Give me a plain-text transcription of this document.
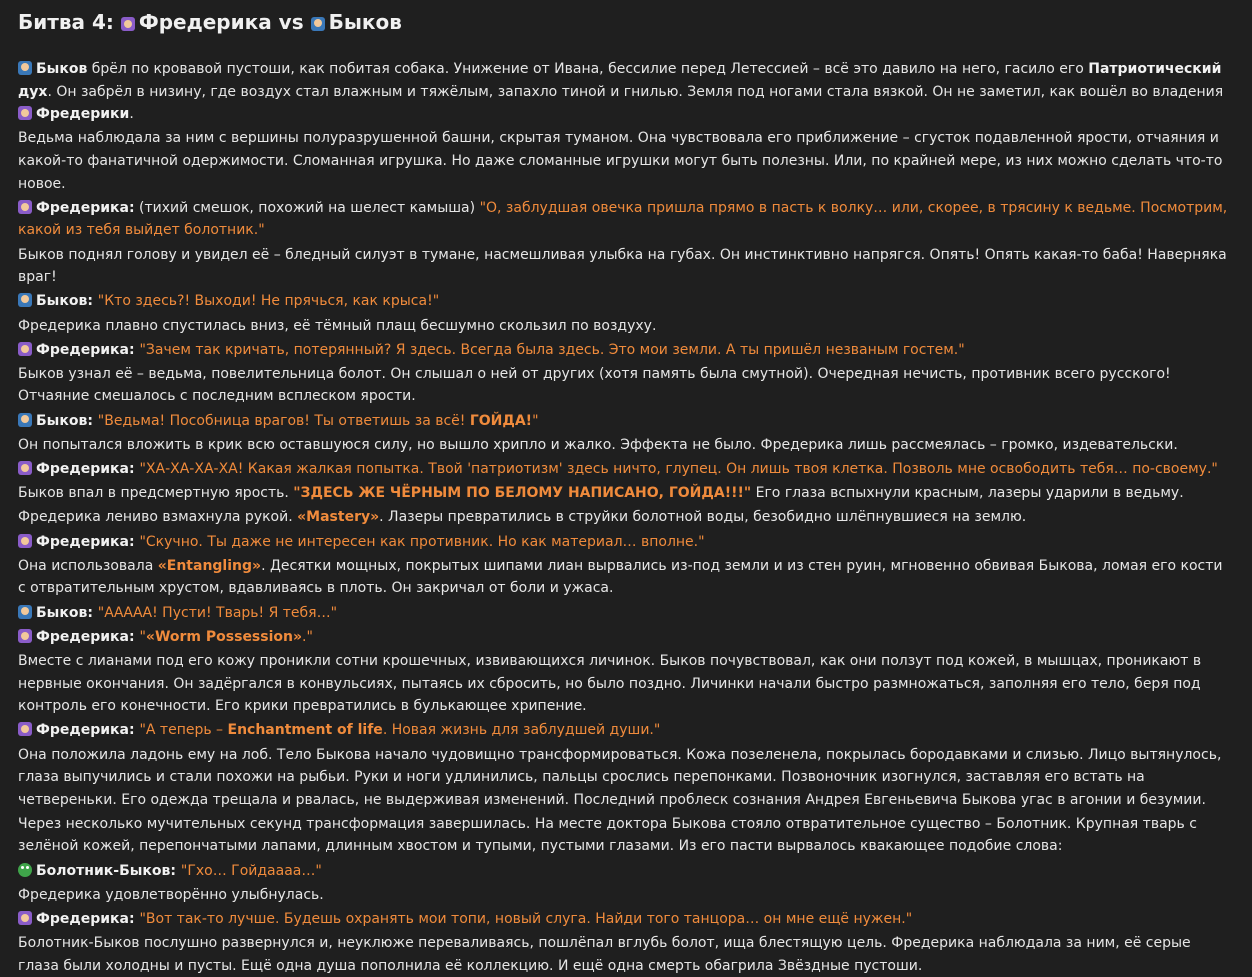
Битва 4: Фредерика vs Быков

Быков брёл по кровавой пустоши, как побитая собака. Унижение от Ивана, бессилие перед Летессией – всё это давило на него, гасило его Патриотический дух. Он забрёл в низину, где воздух стал влажным и тяжёлым, запахло тиной и гнилью. Земля под ногами стала вязкой. Он не заметил, как вошёл во владения Фредерики.

Ведьма наблюдала за ним с вершины полуразрушенной башни, скрытая туманом. Она чувствовала его приближение – сгусток подавленной ярости, отчаяния и какой-то фанатичной одержимости. Сломанная игрушка. Но даже сломанные игрушки могут быть полезны. Или, по крайней мере, из них можно сделать что-то новое.

Фредерика: (тихий смешок, похожий на шелест камыша) "О, заблудшая овечка пришла прямо в пасть к волку… или, скорее, в трясину к ведьме. Посмотрим, какой из тебя выйдет болотник."

Быков поднял голову и увидел её – бледный силуэт в тумане, насмешливая улыбка на губах. Он инстинктивно напрягся. Опять! Опять какая-то баба! Наверняка враг!

Быков: "Кто здесь?! Выходи! Не прячься, как крыса!"

Фредерика плавно спустилась вниз, её тёмный плащ бесшумно скользил по воздуху.

Фредерика: "Зачем так кричать, потерянный? Я здесь. Всегда была здесь. Это мои земли. А ты пришёл незваным гостем."

Быков узнал её – ведьма, повелительница болот. Он слышал о ней от других (хотя память была смутной). Очередная нечисть, противник всего русского! Отчаяние смешалось с последним всплеском ярости.

Быков: "Ведьма! Пособница врагов! Ты ответишь за всё! ГОЙДА!"

Он попытался вложить в крик всю оставшуюся силу, но вышло хрипло и жалко. Эффекта не было. Фредерика лишь рассмеялась – громко, издевательски.

Фредерика: "ХА-ХА-ХА-ХА! Какая жалкая попытка. Твой 'патриотизм' здесь ничто, глупец. Он лишь твоя клетка. Позволь мне освободить тебя… по-своему."

Быков впал в предсмертную ярость. "ЗДЕСЬ ЖЕ ЧЁРНЫМ ПО БЕЛОМУ НАПИСАНО, ГОЙДА!!!" Его глаза вспыхнули красным, лазеры ударили в ведьму.

Фредерика лениво взмахнула рукой. «Mastery». Лазеры превратились в струйки болотной воды, безобидно шлёпнувшиеся на землю.

Фредерика: "Скучно. Ты даже не интересен как противник. Но как материал… вполне."

Она использовала «Entangling». Десятки мощных, покрытых шипами лиан вырвались из-под земли и из стен руин, мгновенно обвивая Быкова, ломая его кости с отвратительным хрустом, вдавливаясь в плоть. Он закричал от боли и ужаса.

Быков: "ААААА! Пусти! Тварь! Я тебя…"

Фредерика: "«Worm Possession»."

Вместе с лианами под его кожу проникли сотни крошечных, извивающихся личинок. Быков почувствовал, как они ползут под кожей, в мышцах, проникают в нервные окончания. Он задёргался в конвульсиях, пытаясь их сбросить, но было поздно. Личинки начали быстро размножаться, заполняя его тело, беря под контроль его конечности. Его крики превратились в булькающее хрипение.

Фредерика: "А теперь – Enchantment of life. Новая жизнь для заблудшей души."

Она положила ладонь ему на лоб. Тело Быкова начало чудовищно трансформироваться. Кожа позеленела, покрылась бородавками и слизью. Лицо вытянулось, глаза выпучились и стали похожи на рыбьи. Руки и ноги удлинились, пальцы срослись перепонками. Позвоночник изогнулся, заставляя его встать на четвереньки. Его одежда трещала и рвалась, не выдерживая изменений. Последний проблеск сознания Андрея Евгеньевича Быкова угас в агонии и безумии.

Через несколько мучительных секунд трансформация завершилась. На месте доктора Быкова стояло отвратительное существо – Болотник. Крупная тварь с зелёной кожей, перепончатыми лапами, длинным хвостом и тупыми, пустыми глазами. Из его пасти вырвалось квакающее подобие слова:

Болотник-Быков: "Гхо… Гойдаааа…"

Фредерика удовлетворённо улыбнулась.

Фредерика: "Вот так-то лучше. Будешь охранять мои топи, новый слуга. Найди того танцора… он мне ещё нужен."

Болотник-Быков послушно развернулся и, неуклюже переваливаясь, пошлёпал вглубь болот, ища блестящую цель. Фредерика наблюдала за ним, её серые глаза были холодны и пусты. Ещё одна душа пополнила её коллекцию. И ещё одна смерть обагрила Звёздные пустоши.
